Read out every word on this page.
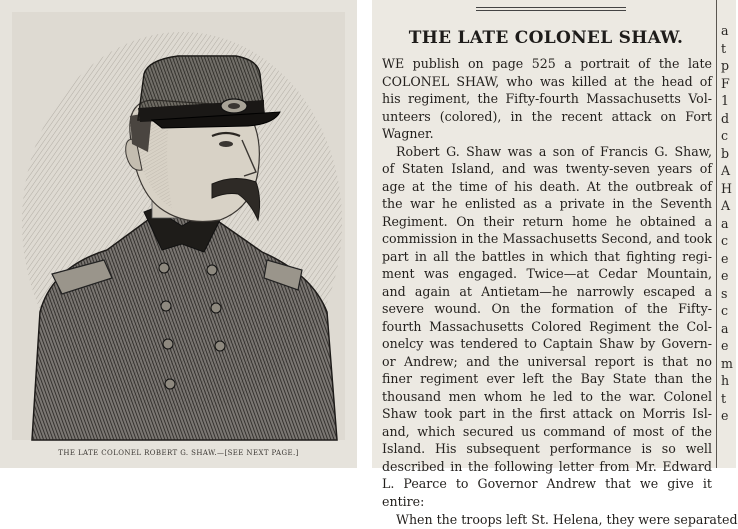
THE LATE COLONEL ROBERT G. SHAW.—[SEE NEXT PAGE.]
THE LATE COLONEL SHAW.
WE publish on page 525 a portrait of the late
COLONEL SHAW, who was killed at the head of
his regiment, the Fifty-fourth Massachusetts Vol-
unteers (colored), in the recent attack on Fort
Wagner.
Robert G. Shaw was a son of Francis G. Shaw,
of Staten Island, and was twenty-seven years of
age at the time of his death. At the outbreak of
the war he enlisted as a private in the Seventh
Regiment. On their return home he obtained a
commission in the Massachusetts Second, and took
part in all the battles in which that fighting regi-
ment was engaged. Twice—at Cedar Mountain,
and again at Antietam—he narrowly escaped a
severe wound. On the formation of the Fifty-
fourth Massachusetts Colored Regiment the Col-
onelcy was tendered to Captain Shaw by Govern-
or Andrew; and the universal report is that no
finer regiment ever left the Bay State than the
thousand men whom he led to the war. Colonel
Shaw took part in the first attack on Morris Isl-
and, which secured us command of most of the
Island. His subsequent performance is so well
described in the following letter from Mr. Edward
L. Pearce to Governor Andrew that we give it
entire:
When the troops left St. Helena, they were separated
a
t
p
F
1
d
c
b
A
H
A
a
c
e
e
s
c
a
e
m
h
t
e
